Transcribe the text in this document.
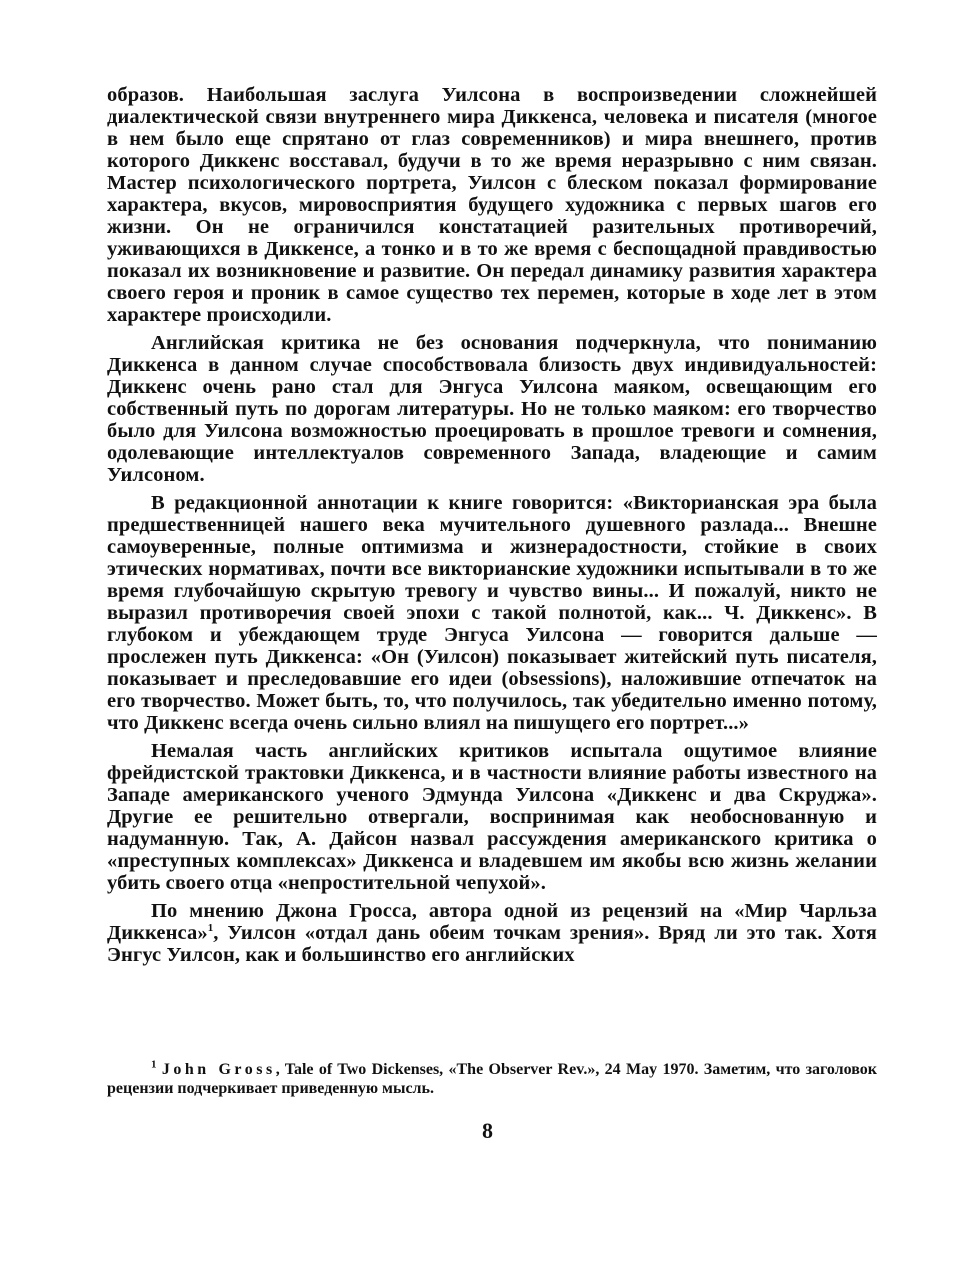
образов. Наибольшая заслуга Уилсона в воспроизведении сложнейшей диалектической связи внутреннего мира Диккенса, человека и писателя (многое в нем было еще спрятано от глаз современников) и мира внешнего, против которого Диккенс восставал, будучи в то же время неразрывно с ним связан. Мастер психологического портрета, Уилсон с блеском показал формирование характера, вкусов, мировосприятия будущего художника с первых шагов его жизни. Он не ограничился констатацией разительных противоречий, уживающихся в Диккенсе, а тонко и в то же время с беспощадной правдивостью показал их возникновение и развитие. Он передал динамику развития характера своего героя и проник в самое существо тех перемен, которые в ходе лет в этом характере происходили.

Английская критика не без основания подчеркнула, что пониманию Диккенса в данном случае способствовала близость двух индивидуальностей: Диккенс очень рано стал для Энгуса Уилсона маяком, освещающим его собственный путь по дорогам литературы. Но не только маяком: его творчество было для Уилсона возможностью проецировать в прошлое тревоги и сомнения, одолевающие интеллектуалов современного Запада, владеющие и самим Уилсоном.

В редакционной аннотации к книге говорится: «Викторианская эра была предшественницей нашего века мучительного душевного разлада... Внешне самоуверенные, полные оптимизма и жизнерадостности, стойкие в своих этических нормативах, почти все викторианские художники испытывали в то же время глубочайшую скрытую тревогу и чувство вины... И пожалуй, никто не выразил противоречия своей эпохи с такой полнотой, как... Ч. Диккенс». В глубоком и убеждающем труде Энгуса Уилсона — говорится дальше — прослежен путь Диккенса: «Он (Уилсон) показывает житейский путь писателя, показывает и преследовавшие его идеи (obsessions), наложившие отпечаток на его творчество. Может быть, то, что получилось, так убедительно именно потому, что Диккенс всегда очень сильно влиял на пишущего его портрет...»

Немалая часть английских критиков испытала ощутимое влияние фрейдистской трактовки Диккенса, и в частности влияние работы известного на Западе американского ученого Эдмунда Уилсона «Диккенс и два Скруджа». Другие ее решительно отвергали, воспринимая как необоснованную и надуманную. Так, А. Дайсон назвал рассуждения американского критика о «преступных комплексах» Диккенса и владевшем им якобы всю жизнь желании убить своего отца «непростительной чепухой».

По мнению Джона Гросса, автора одной из рецензий на «Мир Чарльза Диккенса»$^1$, Уилсон «отдал дань обеим точкам зрения». Вряд ли это так. Хотя Энгус Уилсон, как и большинство его английских

$^1$ John Gross, Tale of Two Dickenses, «The Observer Rev.», 24 May 1970. Заметим, что заголовок рецензии подчеркивает приведенную мысль.

8
